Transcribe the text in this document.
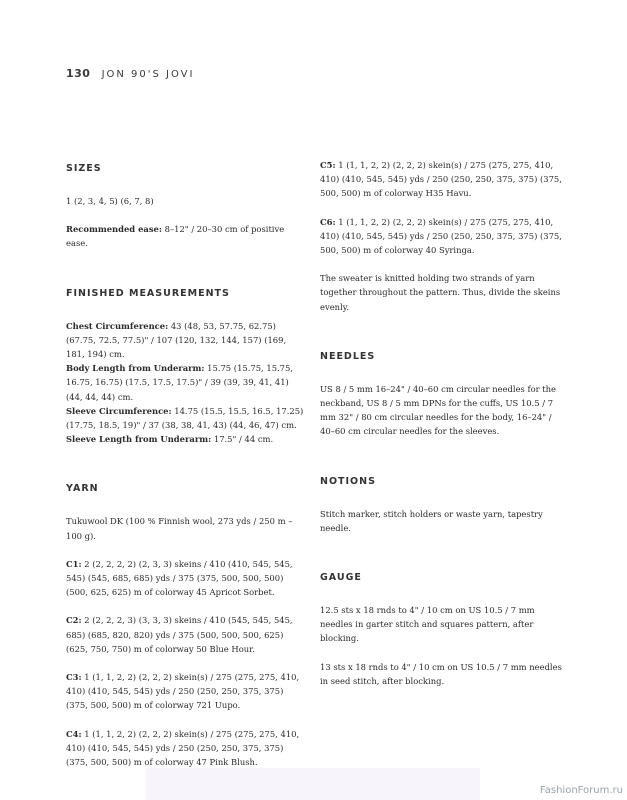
130 JON 90'S JOVI
SIZES
1 (2, 3, 4, 5) (6, 7, 8)
Recommended ease: 8–12" / 20–30 cm of positive ease.
FINISHED MEASUREMENTS
Chest Circumference: 43 (48, 53, 57.75, 62.75) (67.75, 72.5, 77.5)" / 107 (120, 132, 144, 157) (169, 181, 194) cm.
Body Length from Underarm: 15.75 (15.75, 15.75, 16.75, 16.75) (17.5, 17.5, 17.5)" / 39 (39, 39, 41, 41) (44, 44, 44) cm.
Sleeve Circumference: 14.75 (15.5, 15.5, 16.5, 17.25) (17.75, 18.5, 19)" / 37 (38, 38, 41, 43) (44, 46, 47) cm.
Sleeve Length from Underarm: 17.5" / 44 cm.
YARN
Tukuwool DK (100 % Finnish wool, 273 yds / 250 m – 100 g).
C1: 2 (2, 2, 2, 2) (2, 3, 3) skeins / 410 (410, 545, 545, 545) (545, 685, 685) yds / 375 (375, 500, 500, 500) (500, 625, 625) m of colorway 45 Apricot Sorbet.
C2: 2 (2, 2, 2, 3) (3, 3, 3) skeins / 410 (545, 545, 545, 685) (685, 820, 820) yds / 375 (500, 500, 500, 625) (625, 750, 750) m of colorway 50 Blue Hour.
C3: 1 (1, 1, 2, 2) (2, 2, 2) skein(s) / 275 (275, 275, 410, 410) (410, 545, 545) yds / 250 (250, 250, 375, 375) (375, 500, 500) m of colorway 721 Uupo.
C4: 1 (1, 1, 2, 2) (2, 2, 2) skein(s) / 275 (275, 275, 410, 410) (410, 545, 545) yds / 250 (250, 250, 375, 375) (375, 500, 500) m of colorway 47 Pink Blush.
C5: 1 (1, 1, 2, 2) (2, 2, 2) skein(s) / 275 (275, 275, 410, 410) (410, 545, 545) yds / 250 (250, 250, 375, 375) (375, 500, 500) m of colorway H35 Havu.
C6: 1 (1, 1, 2, 2) (2, 2, 2) skein(s) / 275 (275, 275, 410, 410) (410, 545, 545) yds / 250 (250, 250, 375, 375) (375, 500, 500) m of colorway 40 Syringa.
The sweater is knitted holding two strands of yarn together throughout the pattern. Thus, divide the skeins evenly.
NEEDLES
US 8 / 5 mm 16–24" / 40–60 cm circular needles for the neckband, US 8 / 5 mm DPNs for the cuffs, US 10.5 / 7 mm 32" / 80 cm circular needles for the body, 16–24" / 40–60 cm circular needles for the sleeves.
NOTIONS
Stitch marker, stitch holders or waste yarn, tapestry needle.
GAUGE
12.5 sts x 18 rnds to 4" / 10 cm on US 10.5 / 7 mm needles in garter stitch and squares pattern, after blocking.
13 sts x 18 rnds to 4" / 10 cm on US 10.5 / 7 mm needles in seed stitch, after blocking.
FashionForum.ru
